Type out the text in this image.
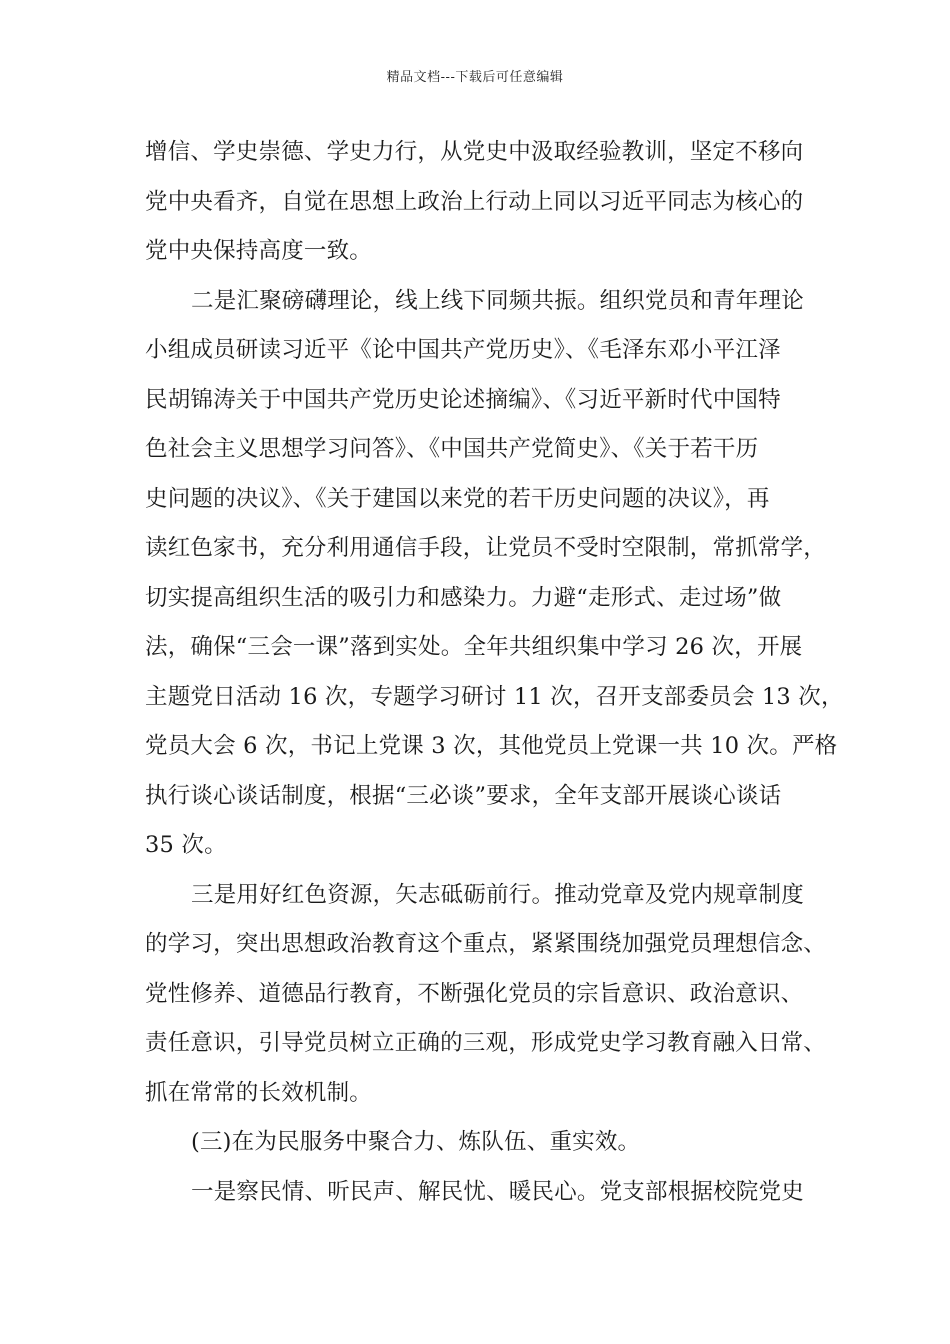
精品文档---下载后可任意编辑
增信、学史崇德、学史力行，从党史中汲取经验教训，坚定不移向
党中央看齐，自觉在思想上政治上行动上同以习近平同志为核心的
党中央保持高度一致。
二是汇聚磅礴理论，线上线下同频共振。组织党员和青年理论
小组成员研读习近平《论中国共产党历史》、《毛泽东邓小平江泽
民胡锦涛关于中国共产党历史论述摘编》、《习近平新时代中国特
色社会主义思想学习问答》、《中国共产党简史》、《关于若干历
史问题的决议》、《关于建国以来党的若干历史问题的决议》，再
读红色家书，充分利用通信手段，让党员不受时空限制，常抓常学，
切实提高组织生活的吸引力和感染力。力避“走形式、走过场”做
法，确保“三会一课”落到实处。全年共组织集中学习 26 次，开展
主题党日活动 16 次，专题学习研讨 11 次，召开支部委员会 13 次，
党员大会 6 次，书记上党课 3 次，其他党员上党课一共 10 次。严格
执行谈心谈话制度，根据“三必谈”要求，全年支部开展谈心谈话
35 次。
三是用好红色资源，矢志砥砺前行。推动党章及党内规章制度
的学习，突出思想政治教育这个重点，紧紧围绕加强党员理想信念、
党性修养、道德品行教育，不断强化党员的宗旨意识、政治意识、
责任意识，引导党员树立正确的三观，形成党史学习教育融入日常、
抓在常常的长效机制。
(三)在为民服务中聚合力、炼队伍、重实效。
一是察民情、听民声、解民忧、暖民心。党支部根据校院党史
